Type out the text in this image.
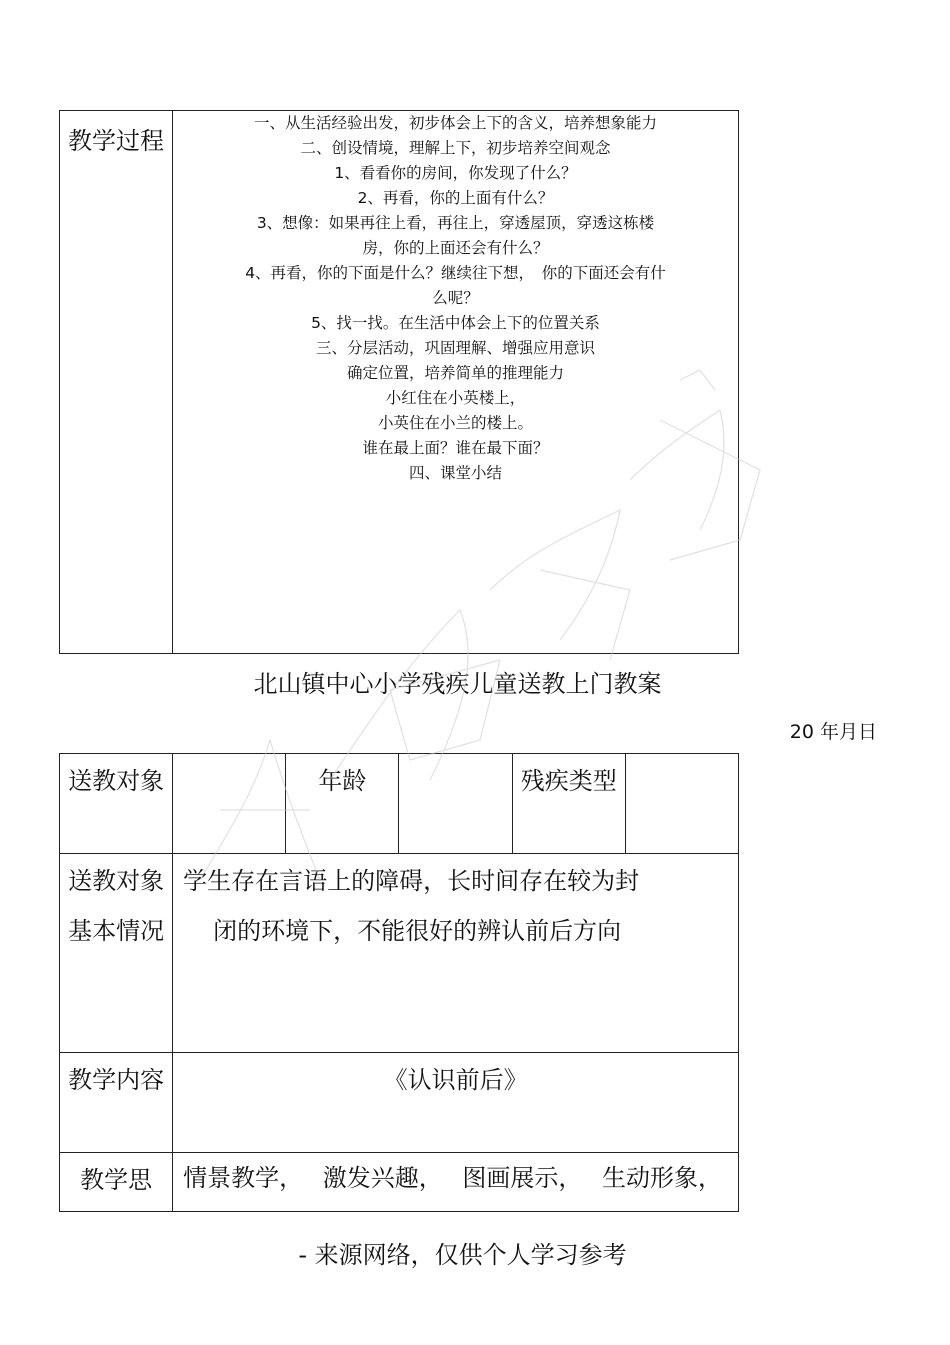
教学过程	
一、从生活经验出发，初步体会上下的含义，培养想象能力
二、创设情境，理解上下，初步培养空间观念
1、看看你的房间，你发现了什么？
2、再看，你的上面有什么？
3、想像：如果再往上看，再往上，穿透屋顶，穿透这栋楼
房，你的上面还会有什么？
4、再看，你的下面是什么？继续往下想，　你的下面还会有什
么呢？
5、找一找。在生活中体会上下的位置关系
三、分层活动，巩固理解、增强应用意识
确定位置，培养简单的推理能力
小红住在小英楼上，
小英住在小兰的楼上。
谁在最上面？谁在最下面？
四、课堂小结
北山镇中心小学残疾儿童送教上门教案
20 年月日
送教对象		年龄		残疾类型	
送教对象基本情况	学生存在言语上的障碍，长时间存在较为封
闭的环境下，不能很好的辨认前后方向				

教学内容	《认识前后》				
教学思	情景教学， 激发兴趣， 图画展示， 生动形象，				
- 来源网络，仅供个人学习参考
